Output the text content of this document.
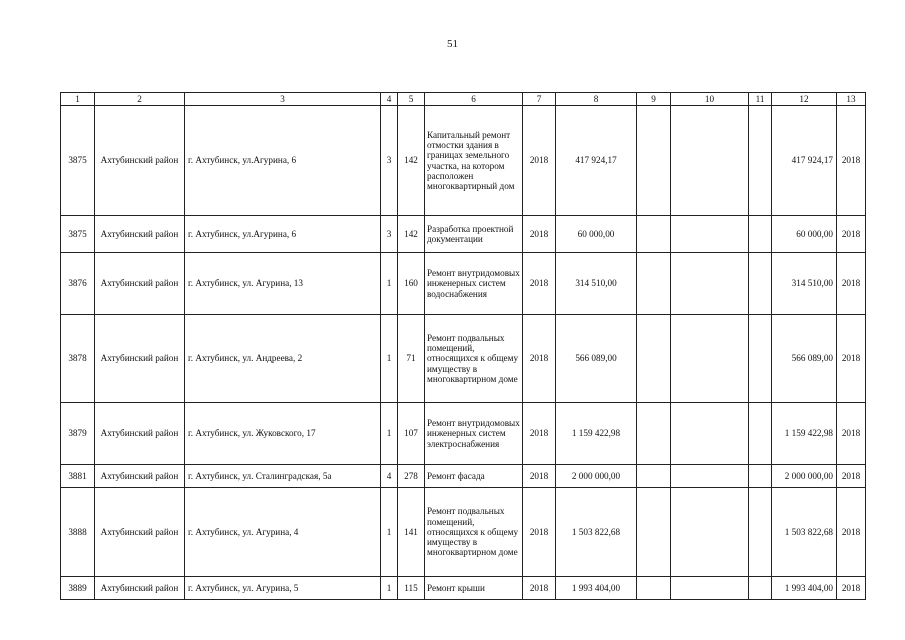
51
1	2	3	4	5	6	7	8	9	10	11	12	13
3875	Ахтубинский район	г. Ахтубинск, ул.Агурина, 6	3	142	Капитальный ремонт отмостки здания в границах земельного участка, на котором расположен многоквартирный дом	2018	417 924,17				417 924,17	2018
3875	Ахтубинский район	г. Ахтубинск, ул.Агурина, 6	3	142	Разработка проектной документации	2018	60 000,00				60 000,00	2018
3876	Ахтубинский район	г. Ахтубинск, ул. Агурина, 13	1	160	Ремонт внутридомовых инженерных систем водоснабжения	2018	314 510,00				314 510,00	2018
3878	Ахтубинский район	г. Ахтубинск, ул. Андреева, 2	1	71	Ремонт подвальных помещений, относящихся к общему имуществу в многоквартирном доме	2018	566 089,00				566 089,00	2018
3879	Ахтубинский район	г. Ахтубинск, ул. Жуковского, 17	1	107	Ремонт внутридомовых инженерных систем электроснабжения	2018	1 159 422,98				1 159 422,98	2018
3881	Ахтубинский район	г. Ахтубинск, ул. Сталинградская, 5а	4	278	Ремонт фасада	2018	2 000 000,00				2 000 000,00	2018
3888	Ахтубинский район	г. Ахтубинск, ул. Агурина, 4	1	141	Ремонт подвальных помещений, относящихся к общему имуществу в многоквартирном доме	2018	1 503 822,68				1 503 822,68	2018
3889	Ахтубинский район	г. Ахтубинск, ул. Агурина, 5	1	115	Ремонт крыши	2018	1 993 404,00				1 993 404,00	2018
